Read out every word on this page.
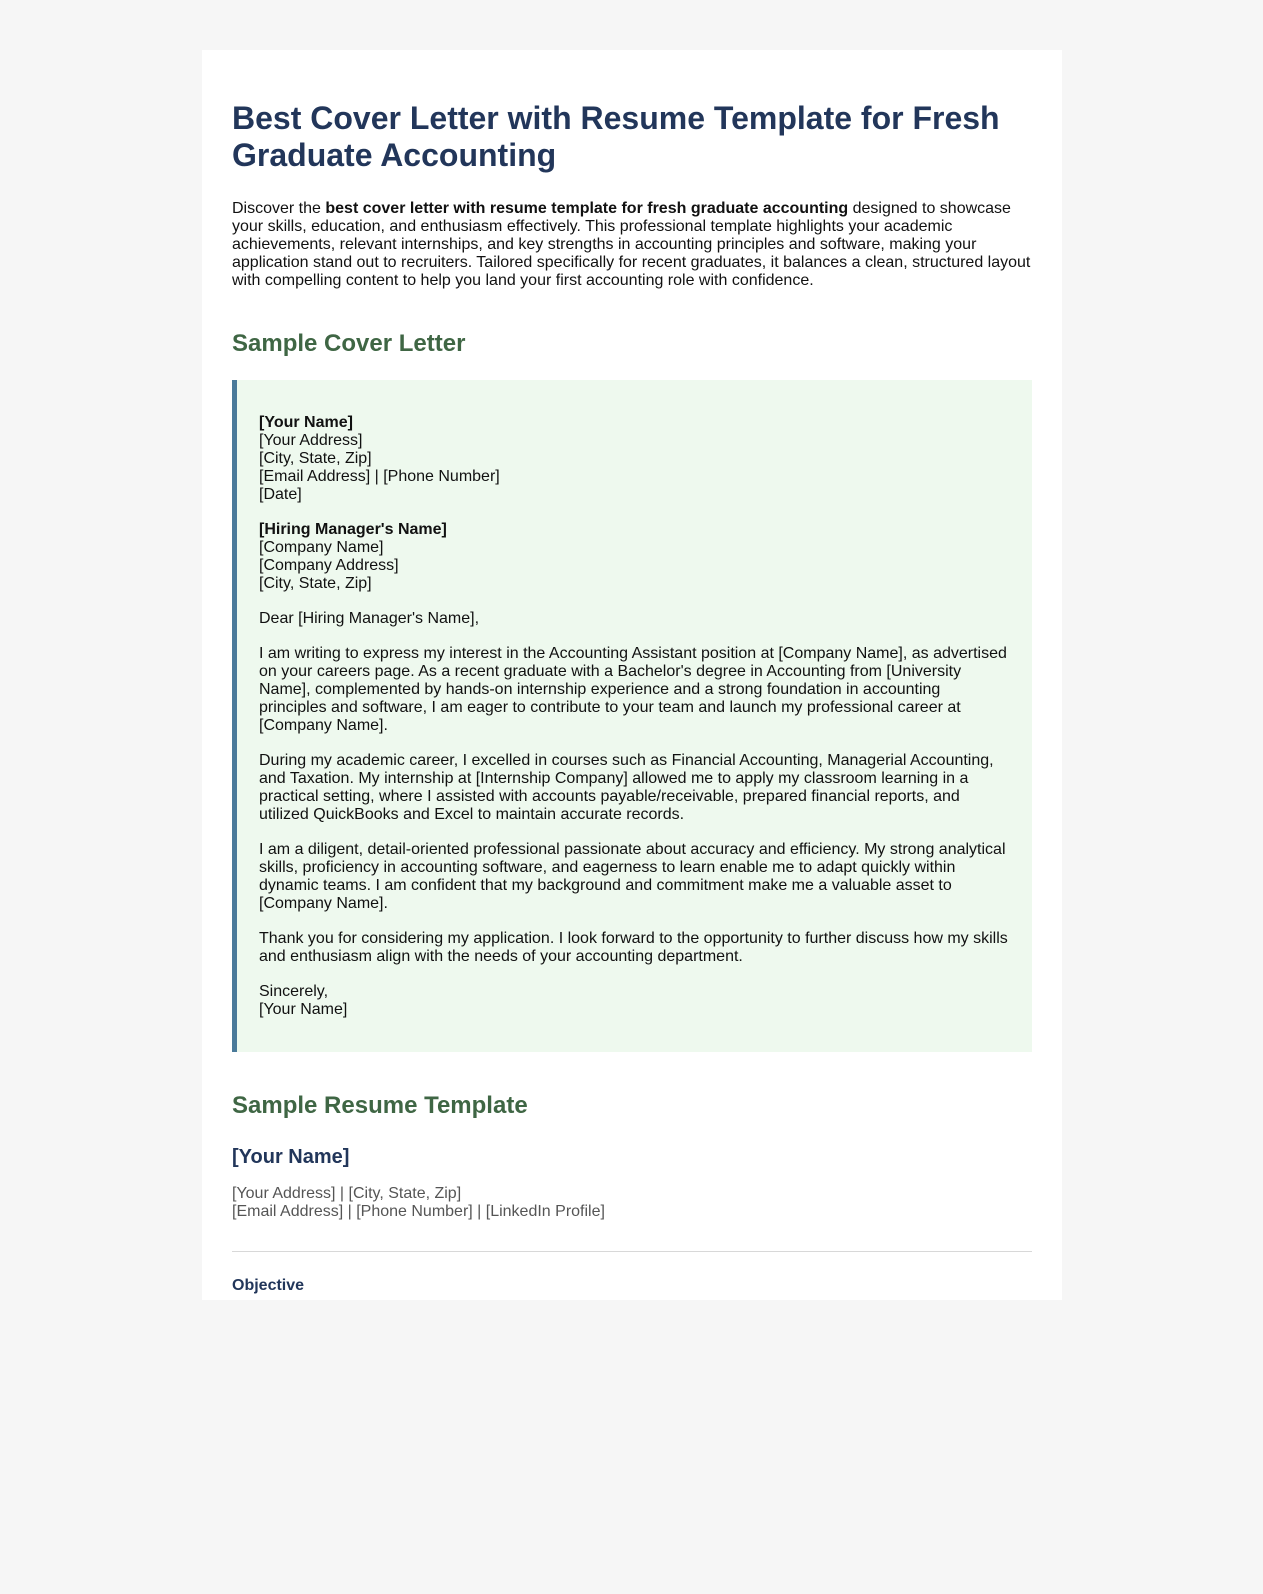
Best Cover Letter with Resume Template for Fresh Graduate Accounting

Discover the best cover letter with resume template for fresh graduate accounting designed to showcase your skills, education, and enthusiasm effectively. This professional template highlights your academic achievements, relevant internships, and key strengths in accounting principles and software, making your application stand out to recruiters. Tailored specifically for recent graduates, it balances a clean, structured layout with compelling content to help you land your first accounting role with confidence.

Sample Cover Letter

[Your Name]
[Your Address]
[City, State, Zip]
[Email Address] | [Phone Number]
[Date]

[Hiring Manager's Name]
[Company Name]
[Company Address]
[City, State, Zip]

Dear [Hiring Manager's Name],

I am writing to express my interest in the Accounting Assistant position at [Company Name], as advertised on your careers page. As a recent graduate with a Bachelor's degree in Accounting from [University Name], complemented by hands-on internship experience and a strong foundation in accounting principles and software, I am eager to contribute to your team and launch my professional career at [Company Name].

During my academic career, I excelled in courses such as Financial Accounting, Managerial Accounting, and Taxation. My internship at [Internship Company] allowed me to apply my classroom learning in a practical setting, where I assisted with accounts payable/receivable, prepared financial reports, and utilized QuickBooks and Excel to maintain accurate records.

I am a diligent, detail-oriented professional passionate about accuracy and efficiency. My strong analytical skills, proficiency in accounting software, and eagerness to learn enable me to adapt quickly within dynamic teams. I am confident that my background and commitment make me a valuable asset to [Company Name].

Thank you for considering my application. I look forward to the opportunity to further discuss how my skills and enthusiasm align with the needs of your accounting department.

Sincerely,
[Your Name]

Sample Resume Template
[Your Name]
[Your Address] | [City, State, Zip]
[Email Address] | [Phone Number] | [LinkedIn Profile]
Objective
